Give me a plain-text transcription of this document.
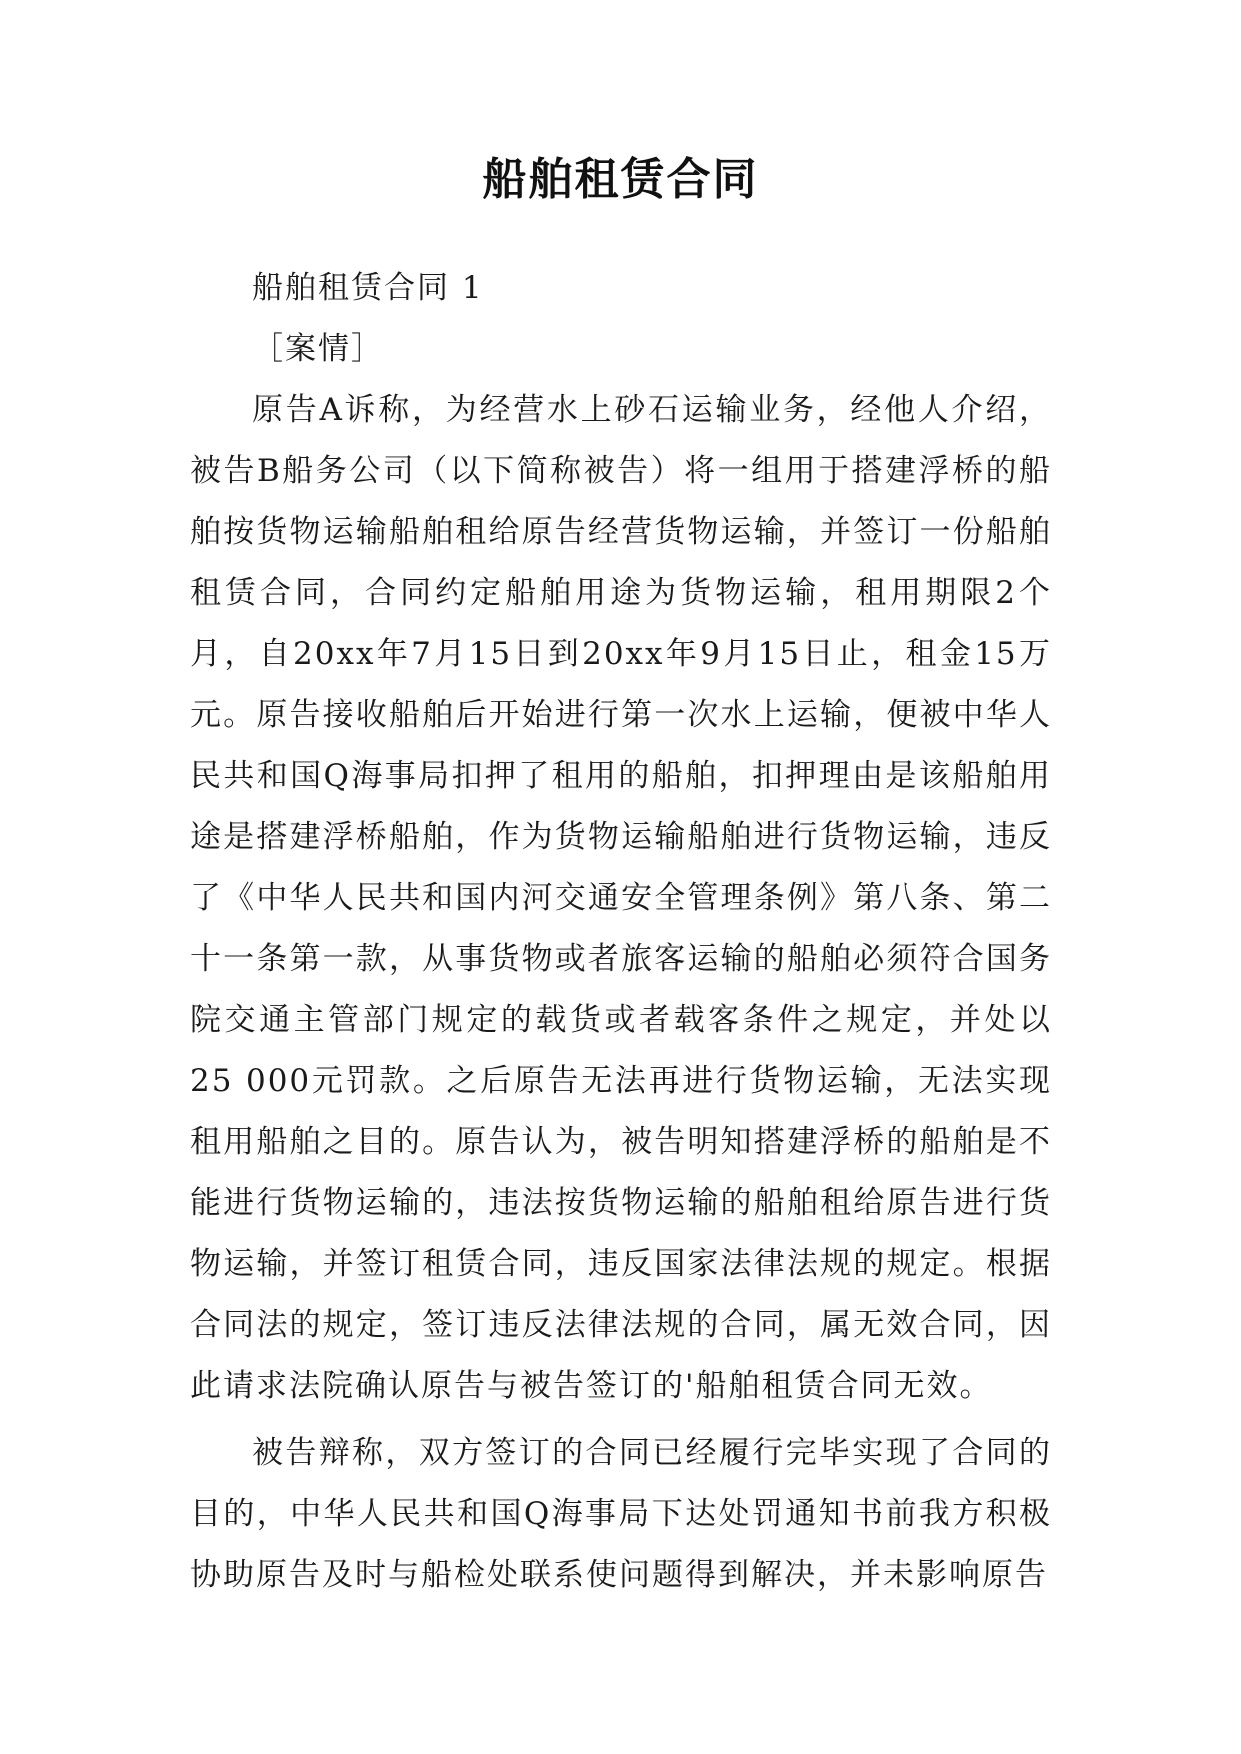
船舶租赁合同

船舶租赁合同 1

［案情］

原告A诉称，为经营水上砂石运输业务，经他人介绍，被告B船务公司（以下简称被告）将一组用于搭建浮桥的船舶按货物运输船舶租给原告经营货物运输，并签订一份船舶租赁合同，合同约定船舶用途为货物运输，租用期限2个月，自20xx年7月15日到20xx年9月15日止，租金15万元。原告接收船舶后开始进行第一次水上运输，便被中华人民共和国Q海事局扣押了租用的船舶，扣押理由是该船舶用途是搭建浮桥船舶，作为货物运输船舶进行货物运输，违反了《中华人民共和国内河交通安全管理条例》第八条、第二十一条第一款，从事货物或者旅客运输的船舶必须符合国务院交通主管部门规定的载货或者载客条件之规定，并处以25 000元罚款。之后原告无法再进行货物运输，无法实现租用船舶之目的。原告认为，被告明知搭建浮桥的船舶是不能进行货物运输的，违法按货物运输的船舶租给原告进行货物运输，并签订租赁合同，违反国家法律法规的规定。根据合同法的规定，签订违反法律法规的合同，属无效合同，因此请求法院确认原告与被告签订的'船舶租赁合同无效。

被告辩称，双方签订的合同已经履行完毕实现了合同的目的，中华人民共和国Q海事局下达处罚通知书前我方积极协助原告及时与船检处联系使问题得到解决，并未影响原告
